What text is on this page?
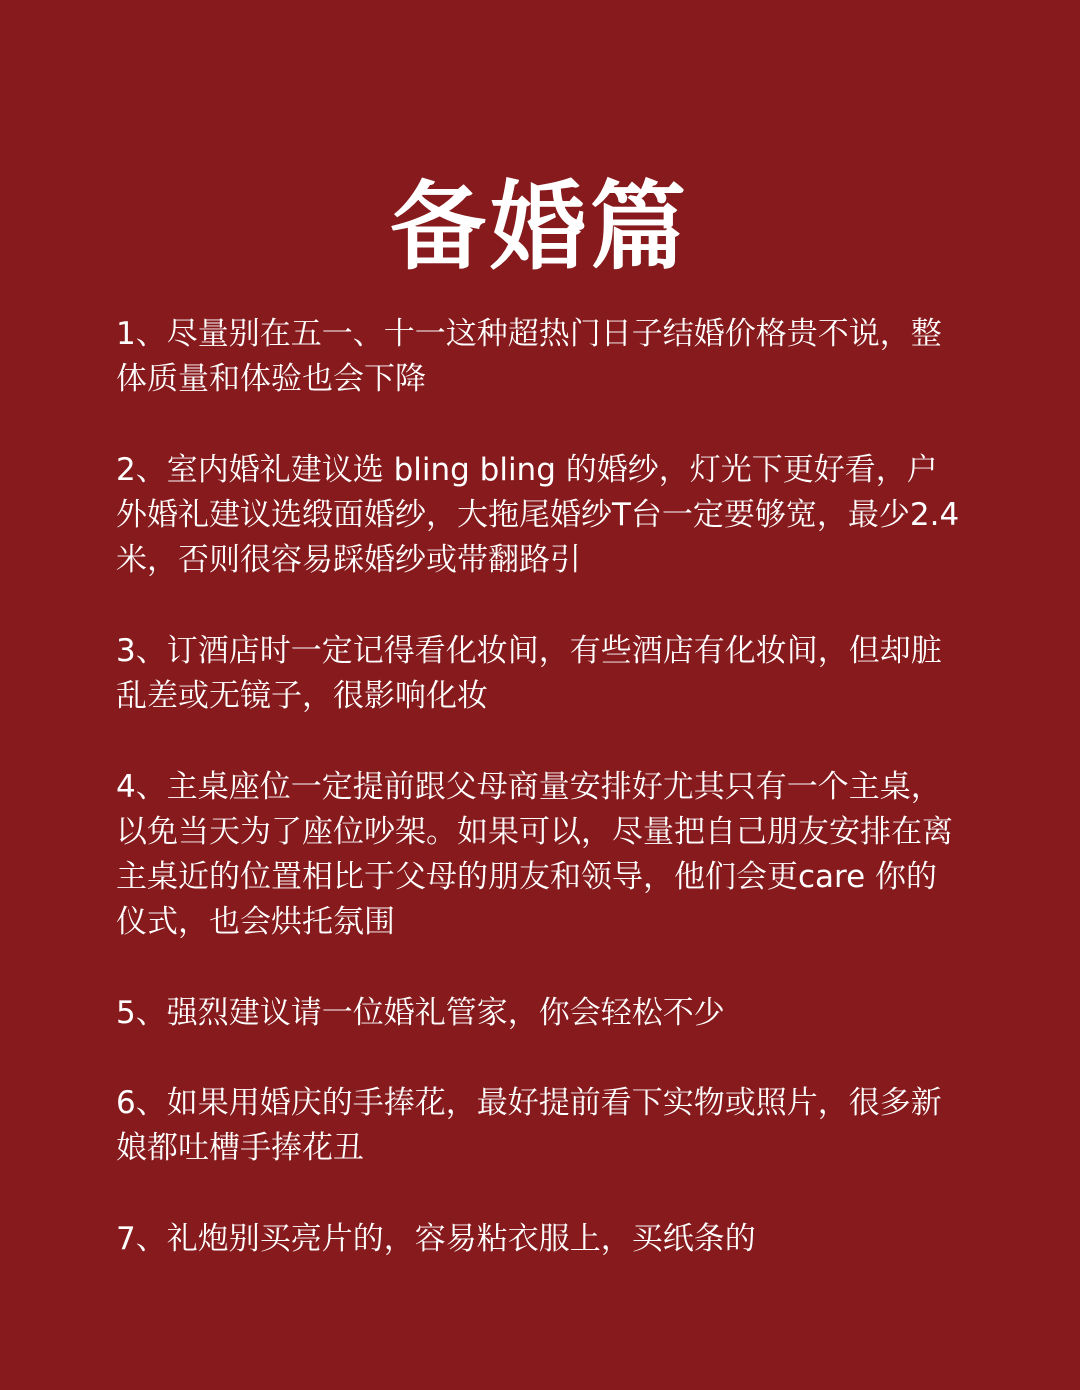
备婚篇

1、尽量别在五一、十一这种超热门日子结婚价格贵不说，整体质量和体验也会下降

2、室内婚礼建议选 bling bling 的婚纱，灯光下更好看，户外婚礼建议选缎面婚纱，大拖尾婚纱T台一定要够宽，最少2.4米，否则很容易踩婚纱或带翻路引

3、订酒店时一定记得看化妆间，有些酒店有化妆间，但却脏乱差或无镜子，很影响化妆

4、主桌座位一定提前跟父母商量安排好尤其只有一个主桌，以免当天为了座位吵架。如果可以，尽量把自己朋友安排在离主桌近的位置相比于父母的朋友和领导，他们会更care 你的仪式，也会烘托氛围

5、强烈建议请一位婚礼管家，你会轻松不少

6、如果用婚庆的手捧花，最好提前看下实物或照片，很多新娘都吐槽手捧花丑

7、礼炮别买亮片的，容易粘衣服上，买纸条的
